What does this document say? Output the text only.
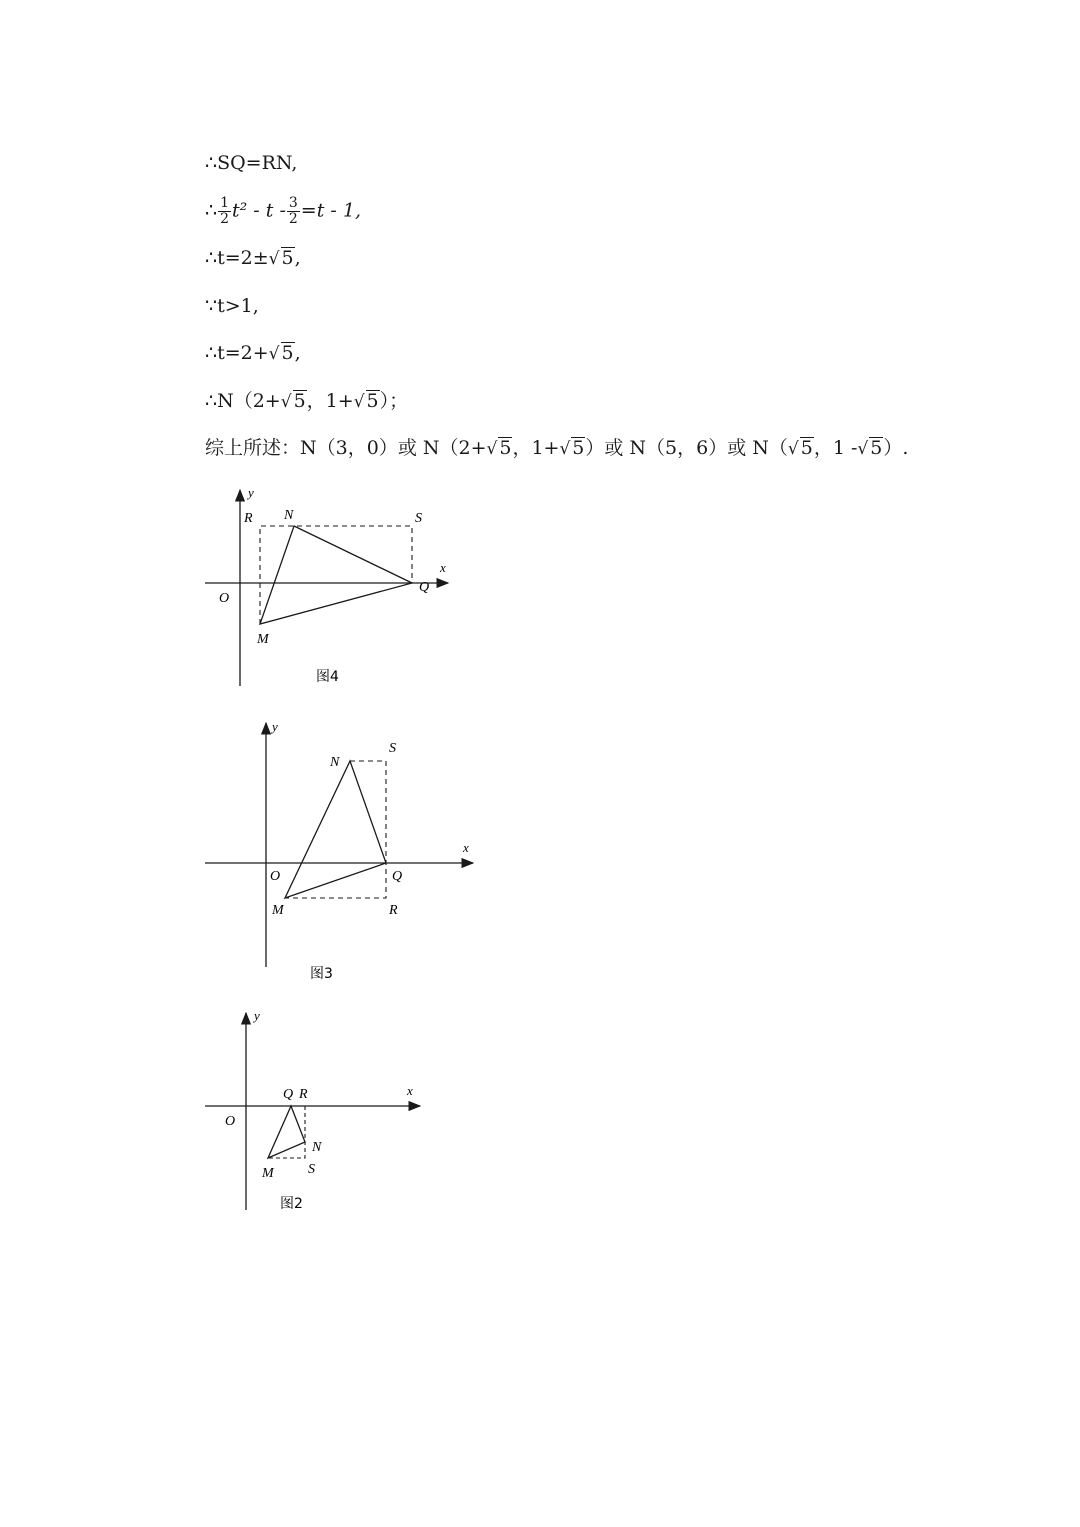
∴SQ=RN,
∴ $\frac{1}{2} t^2 - t - \frac{3}{2} =t - 1$,
∴t=2±√ 5,
∵t>1,
∴t=2+√ 5,
∴N（2+√ 5，1+√ 5）；
综上所述：N（3，0）或 N（2+√ 5，1+√ 5）或 N（5，6）或 N（√ 5，1 -√ 5）.
x
y
O
R N	S
Q
M
图4
x
y
O
N
S
Q
M	R
图3
x
y
O
Q R
N
M S
图2
